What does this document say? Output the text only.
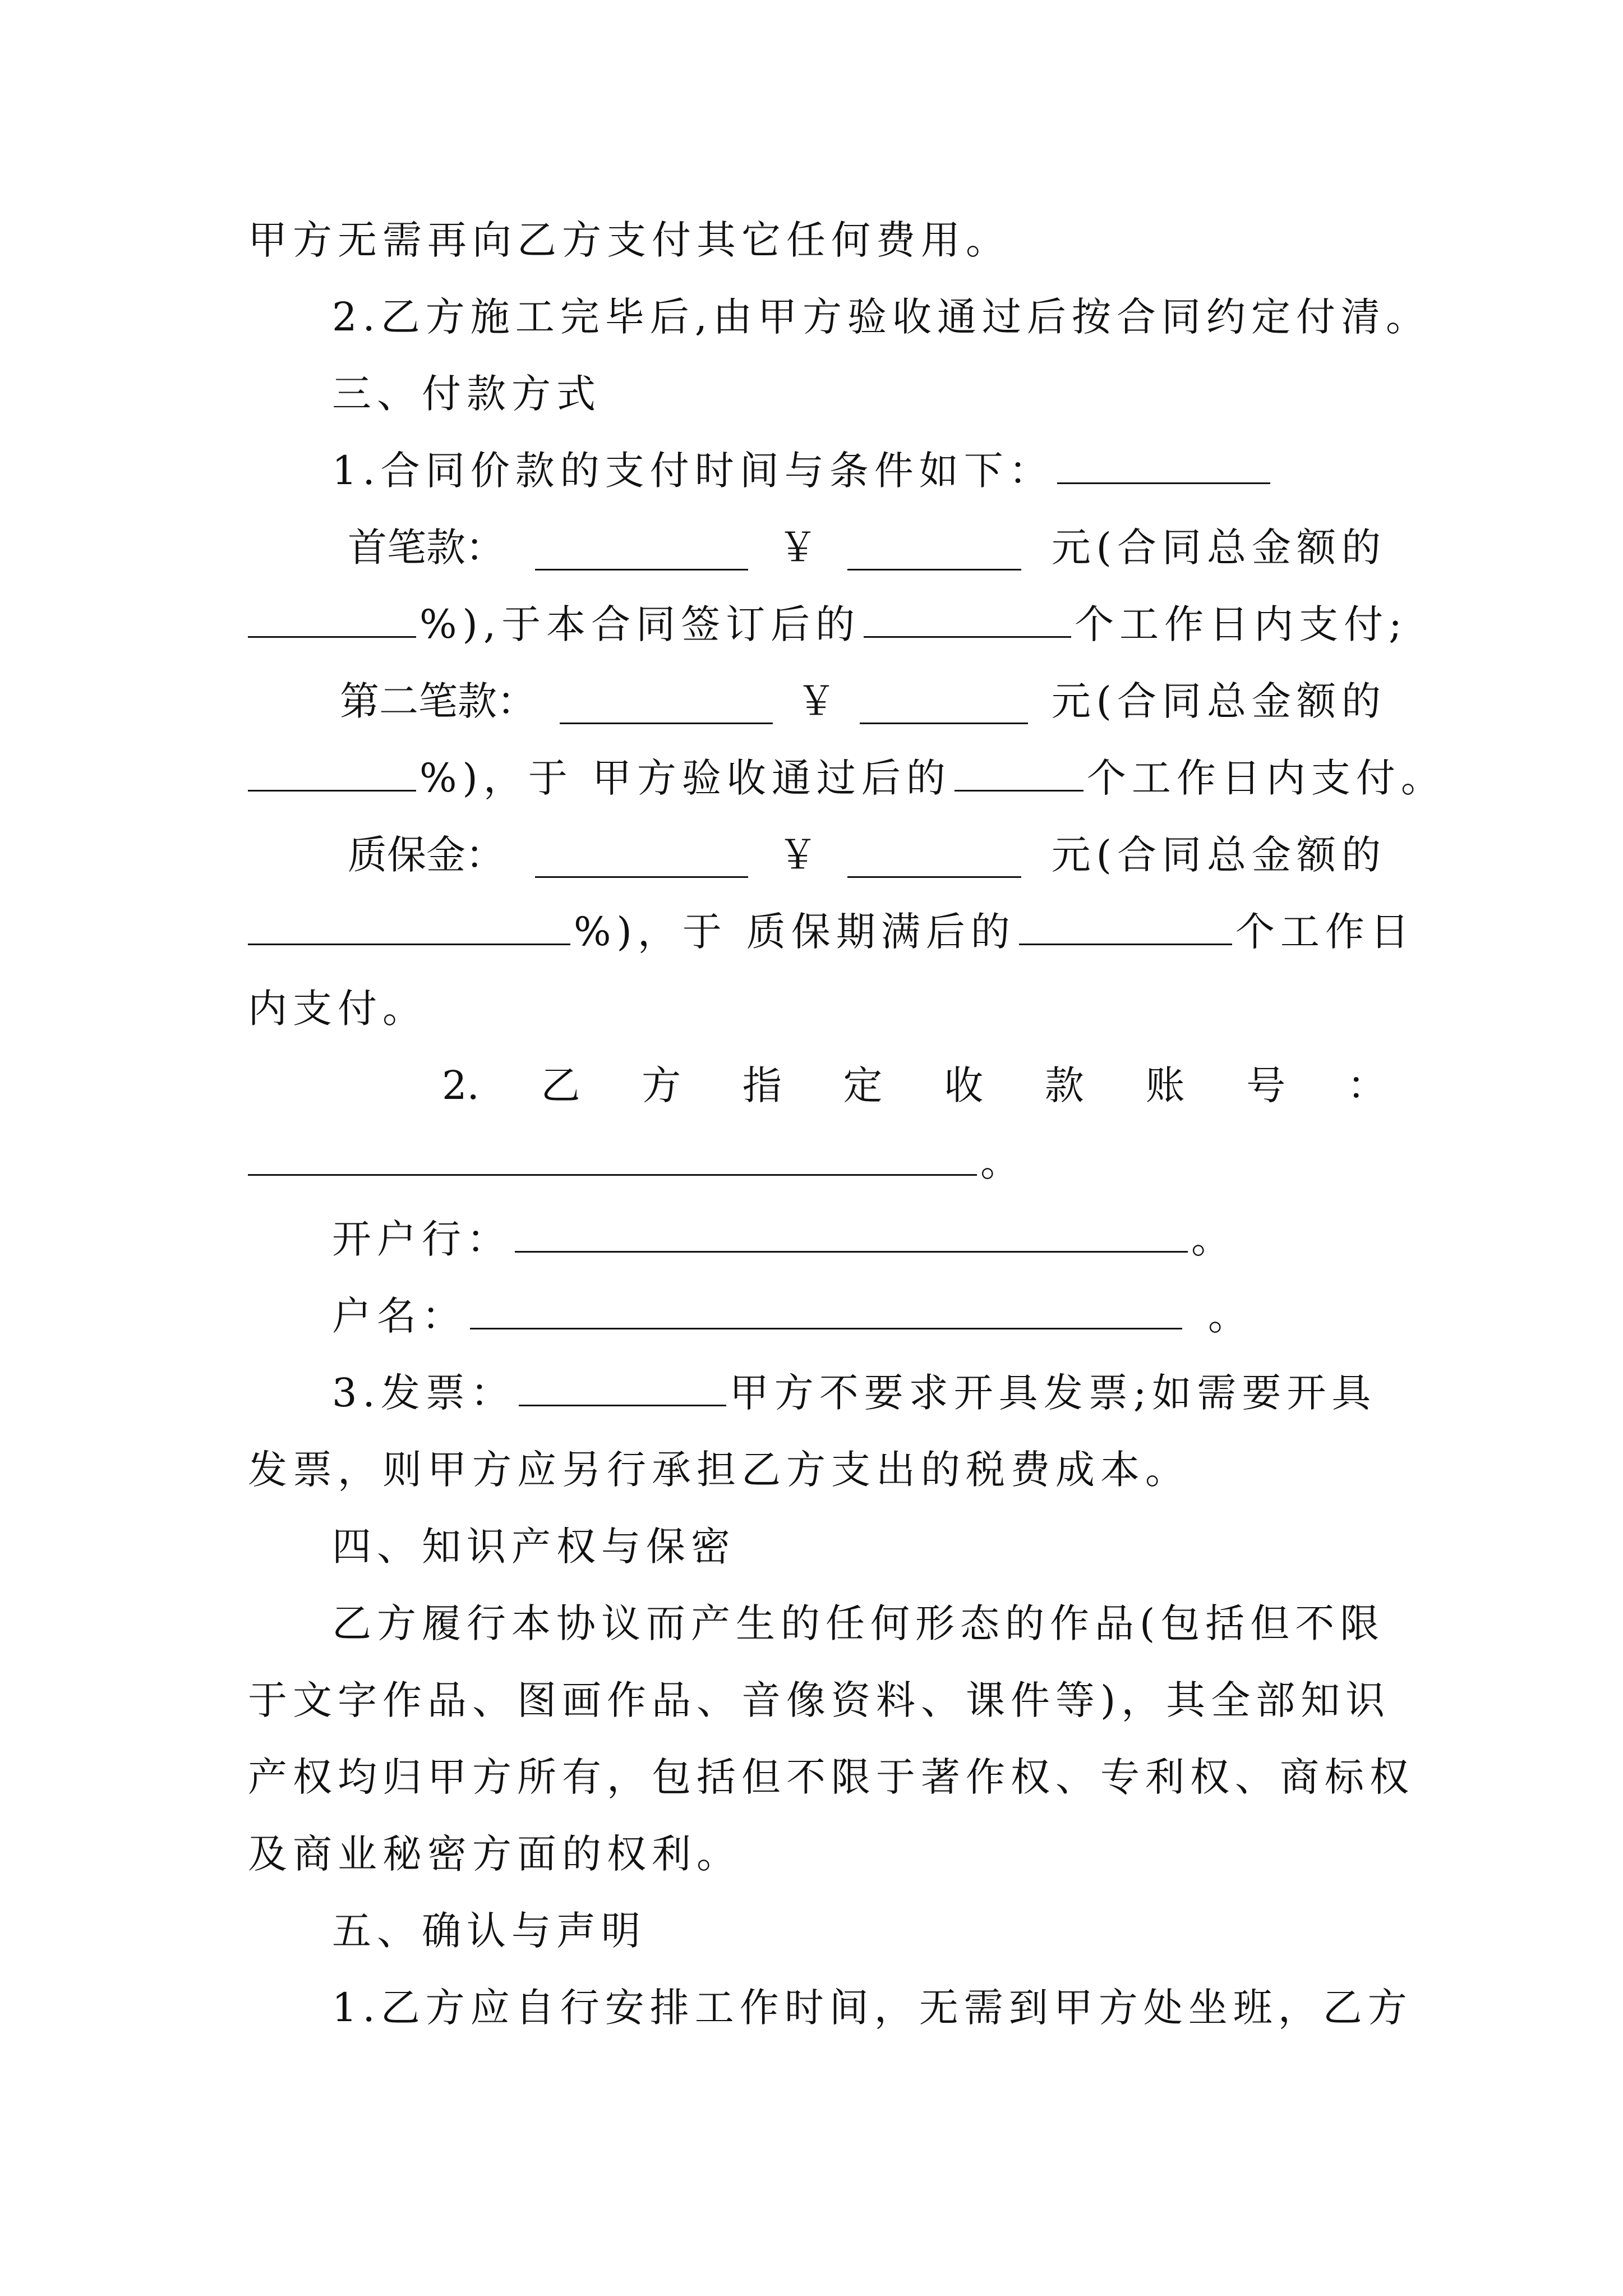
甲方无需再向乙方支付其它任何费用。
2.乙方施工完毕后,由甲方验收通过后按合同约定付清。
三、付款方式
1.合同价款的支付时间与条件如下：
首笔款：	￥	元(合同总金额的
%),于本合同签订后的	个工作日内支付;
第二笔款：	￥	元(合同总金额的
%)，于 甲方验收通过后的	个工作日内支付。
质保金：	￥	元(合同总金额的
%)，于 质保期满后的	个工作日
内支付。
2. 乙 方 指 定 收 款 账 号 ：
。
开户行：	。
户名：	。
3.发票：	甲方不要求开具发票;如需要开具
发票，则甲方应另行承担乙方支出的税费成本。
四、知识产权与保密
乙方履行本协议而产生的任何形态的作品(包括但不限
于文字作品、图画作品、音像资料、课件等)，其全部知识
产权均归甲方所有，包括但不限于著作权、专利权、商标权
及商业秘密方面的权利。
五、确认与声明
1.乙方应自行安排工作时间，无需到甲方处坐班，乙方
